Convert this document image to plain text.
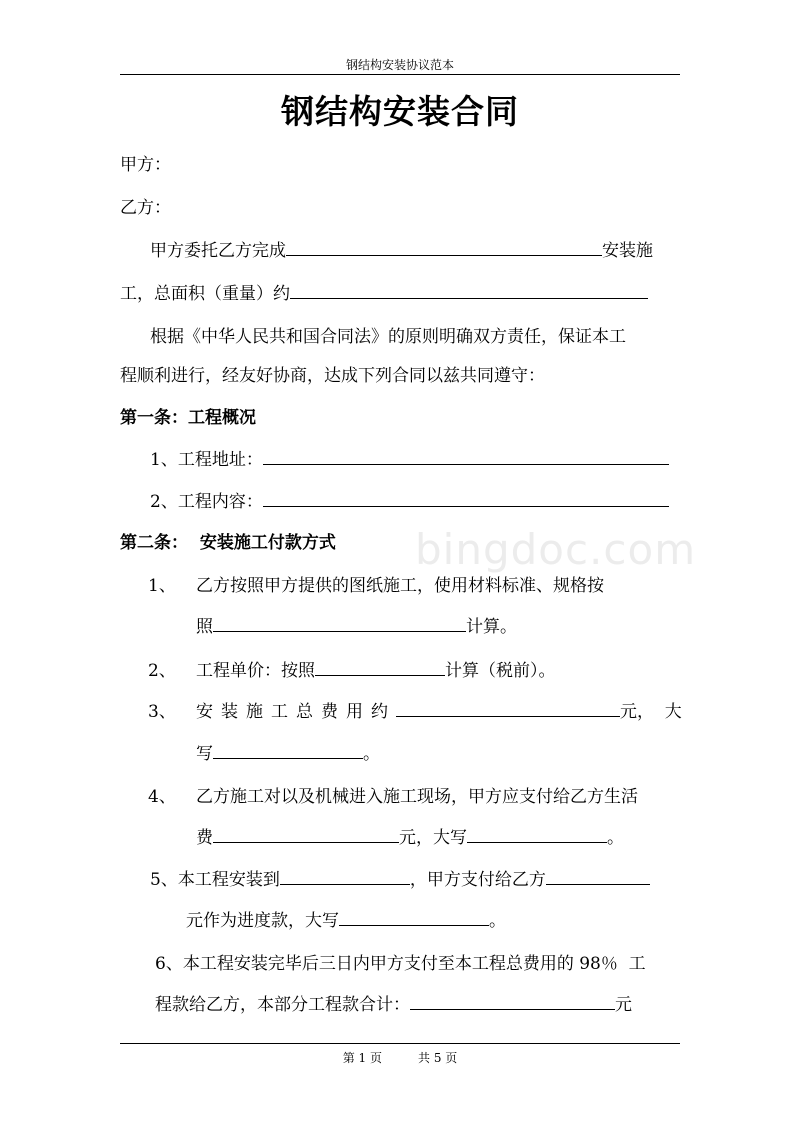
钢结构安装协议范本
钢结构安装合同
甲方：
乙方：
甲方委托乙方完成	安装施
工，总面积（重量）约
根据《中华人民共和国合同法》的原则明确双方责任，保证本工
程顺利进行，经友好协商，达成下列合同以兹共同遵守：
第一条：工程概况
1、工程地址：
2、工程内容：
第二条：  安装施工付款方式
1、 乙方按照甲方提供的图纸施工，使用材料标准、规格按
照	计算。
2、 工程单价：按照	计算（税前）。
3、 安装施工总费用约	元，  大
写	。
4、 乙方施工对以及机械进入施工现场，甲方应支付给乙方生活
费	元，大写	。
5、本工程安装到	，甲方支付给乙方
元作为进度款，大写	。
6、本工程安装完毕后三日内甲方支付至本工程总费用的 98％  工
程款给乙方，本部分工程款合计：	元
bingdoc.com
第 1 页	共 5 页
